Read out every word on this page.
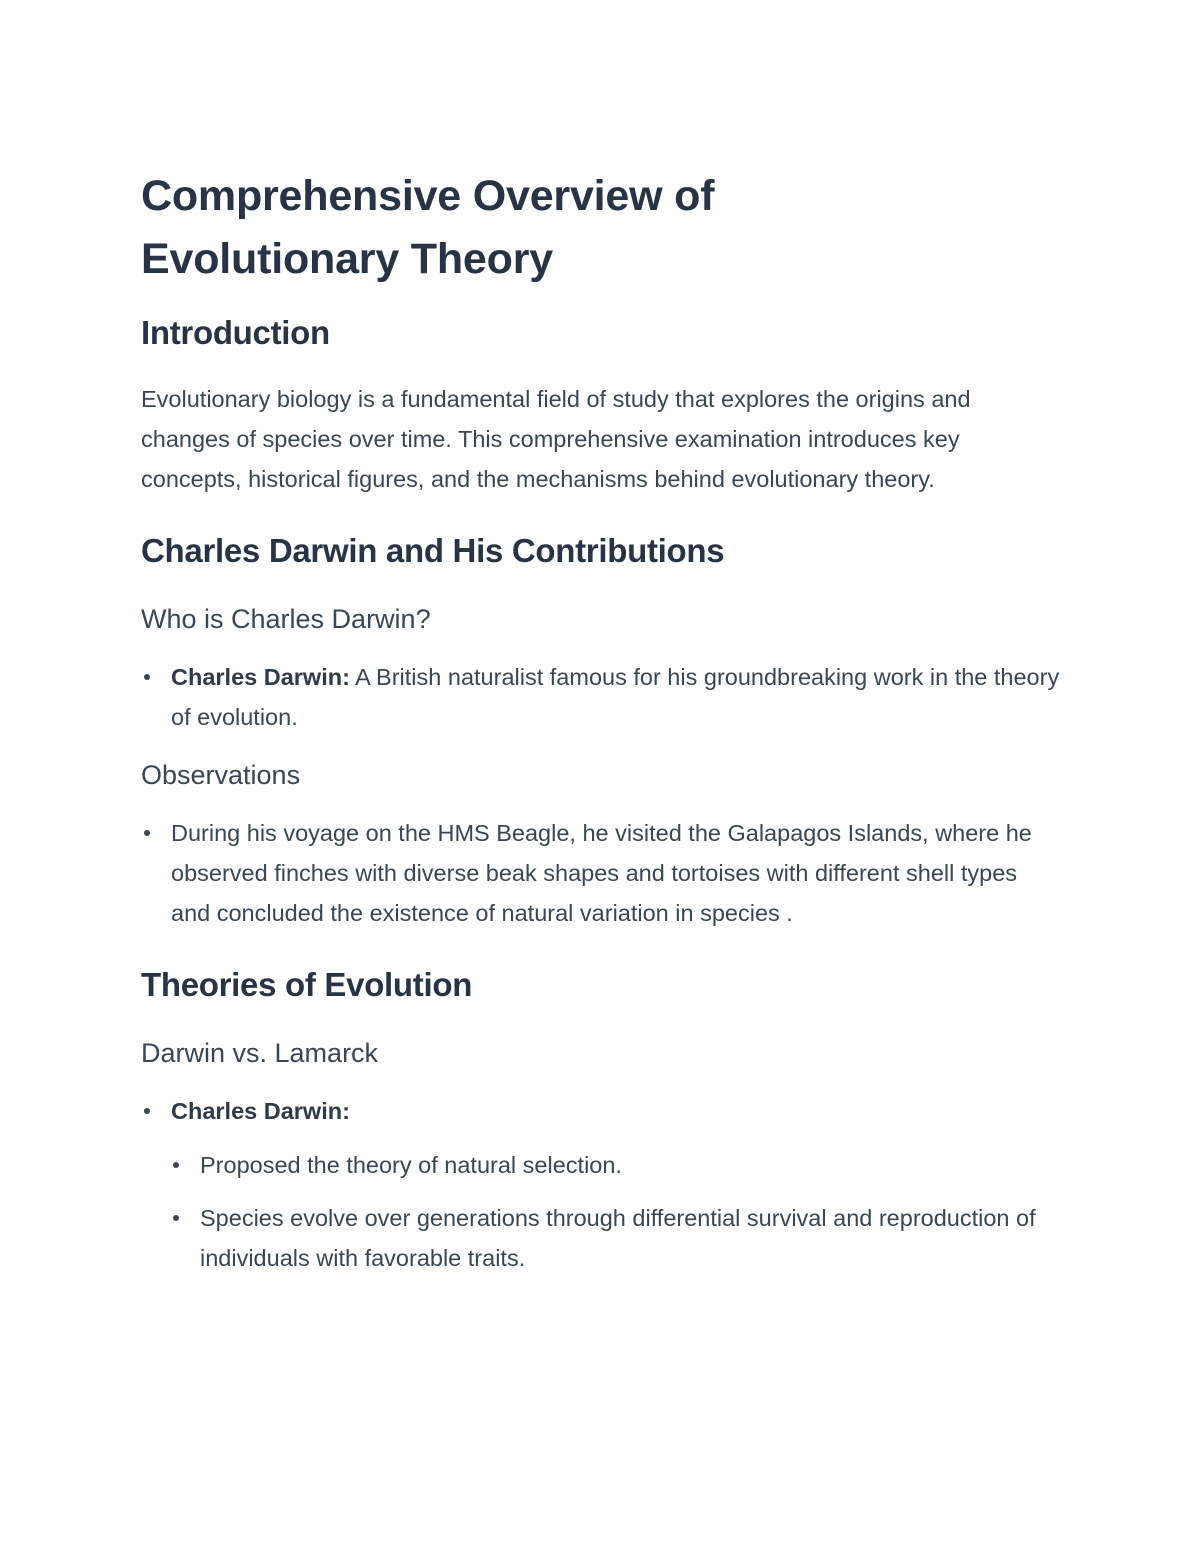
Comprehensive Overview of Evolutionary Theory
Introduction

Evolutionary biology is a fundamental field of study that explores the origins and changes of species over time. This comprehensive examination introduces key concepts, historical figures, and the mechanisms behind evolutionary theory.

Charles Darwin and His Contributions
Who is Charles Darwin?
Charles Darwin: A British naturalist famous for his groundbreaking work in the theory of evolution.
Observations
During his voyage on the HMS Beagle, he visited the Galapagos Islands, where he observed finches with diverse beak shapes and tortoises with different shell types and concluded the existence of natural variation in species .
Theories of Evolution
Darwin vs. Lamarck
Charles Darwin:
Proposed the theory of natural selection.
Species evolve over generations through differential survival and reproduction of individuals with favorable traits.
